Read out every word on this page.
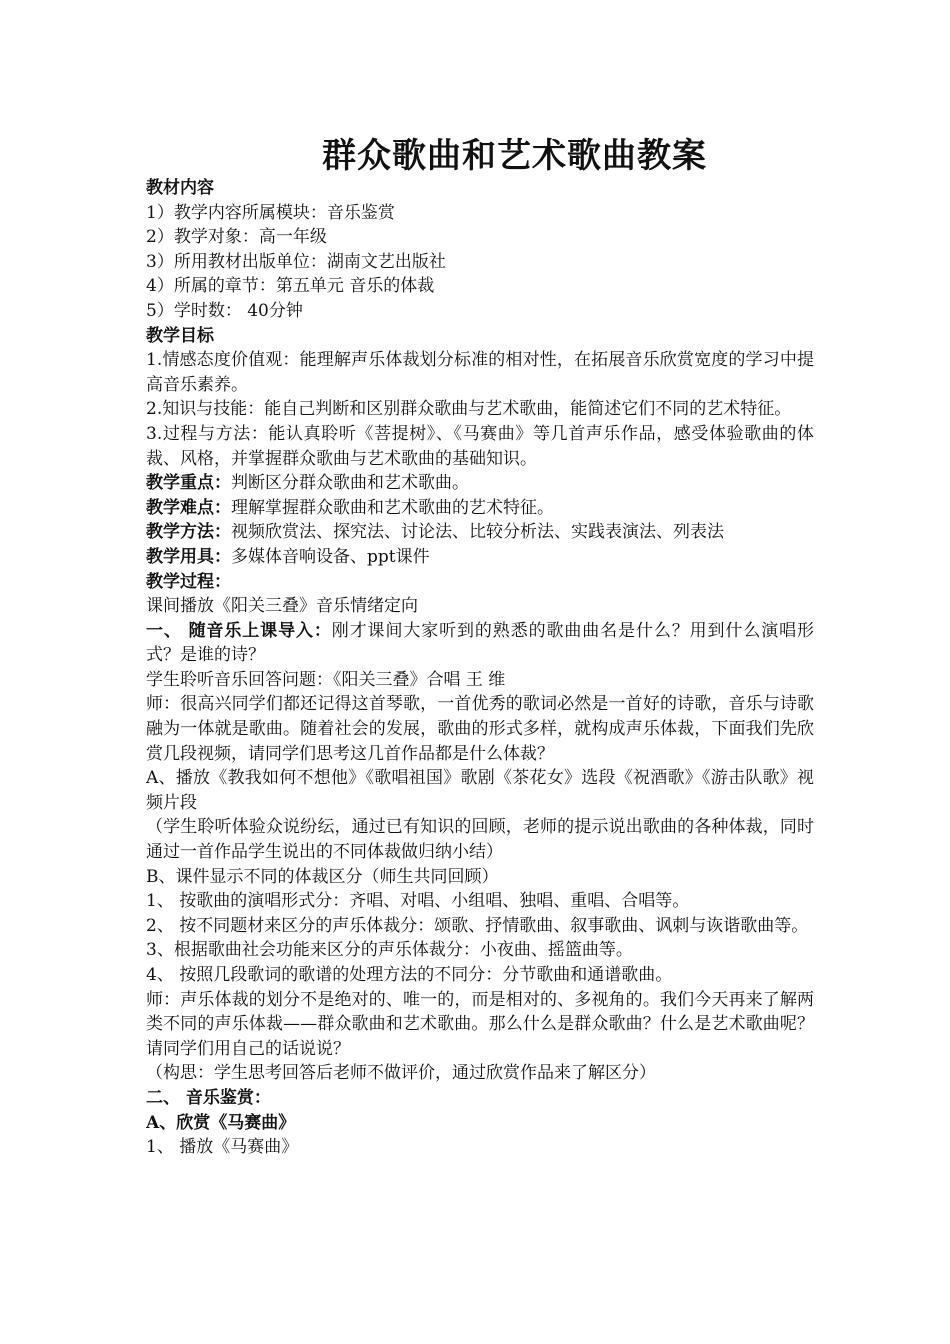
群众歌曲和艺术歌曲教案

教材内容

1）教学内容所属模块：音乐鉴赏

2）教学对象：高一年级

3）所用教材出版单位：湖南文艺出版社

4）所属的章节：第五单元 音乐的体裁

5）学时数： 40分钟

教学目标

1.情感态度价值观：能理解声乐体裁划分标准的相对性，在拓展音乐欣赏宽度的学习中提高音乐素养。

2.知识与技能：能自己判断和区别群众歌曲与艺术歌曲，能简述它们不同的艺术特征。

3.过程与方法：能认真聆听《菩提树》、《马赛曲》等几首声乐作品，感受体验歌曲的体裁、风格，并掌握群众歌曲与艺术歌曲的基础知识。

教学重点：判断区分群众歌曲和艺术歌曲。

教学难点：理解掌握群众歌曲和艺术歌曲的艺术特征。

教学方法：视频欣赏法、探究法、讨论法、比较分析法、实践表演法、列表法

教学用具：多媒体音响设备、ppt课件

教学过程：

课间播放《阳关三叠》音乐情绪定向

一、 随音乐上课导入：刚才课间大家听到的熟悉的歌曲曲名是什么？用到什么演唱形式？是谁的诗？

学生聆听音乐回答问题：《阳关三叠》合唱 王 维

师：很高兴同学们都还记得这首琴歌，一首优秀的歌词必然是一首好的诗歌，音乐与诗歌融为一体就是歌曲。随着社会的发展，歌曲的形式多样，就构成声乐体裁，下面我们先欣赏几段视频，请同学们思考这几首作品都是什么体裁？

A、播放《教我如何不想他》《歌唱祖国》歌剧《茶花女》选段《祝酒歌》《游击队歌》视频片段

（学生聆听体验众说纷纭，通过已有知识的回顾，老师的提示说出歌曲的各种体裁，同时通过一首作品学生说出的不同体裁做归纳小结）

B、课件显示不同的体裁区分（师生共同回顾）

1、 按歌曲的演唱形式分：齐唱、对唱、小组唱、独唱、重唱、合唱等。

2、 按不同题材来区分的声乐体裁分：颂歌、抒情歌曲、叙事歌曲、讽刺与诙谐歌曲等。

3、根据歌曲社会功能来区分的声乐体裁分：小夜曲、摇篮曲等。

4、 按照几段歌词的歌谱的处理方法的不同分：分节歌曲和通谱歌曲。

师：声乐体裁的划分不是绝对的、唯一的，而是相对的、多视角的。我们今天再来了解两类不同的声乐体裁——群众歌曲和艺术歌曲。那么什么是群众歌曲？什么是艺术歌曲呢？请同学们用自己的话说说？

（构思：学生思考回答后老师不做评价，通过欣赏作品来了解区分）

二、 音乐鉴赏：

A、欣赏《马赛曲》

1、 播放《马赛曲》
